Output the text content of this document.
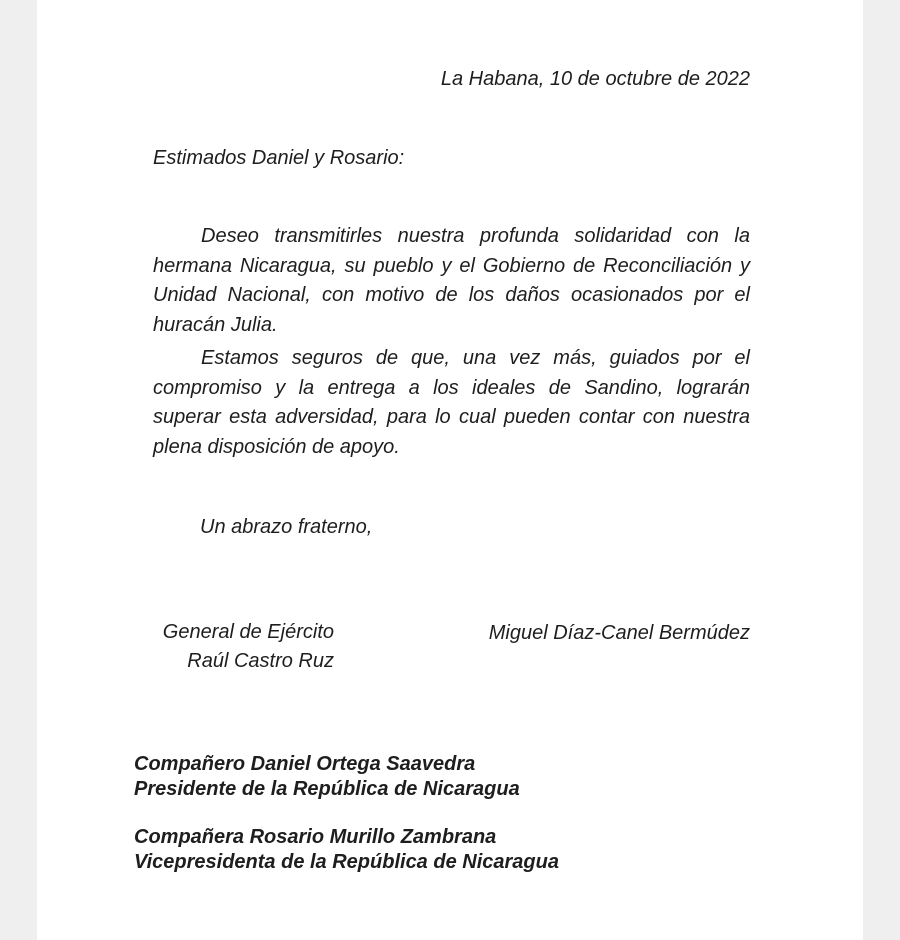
La Habana, 10 de octubre de 2022
Estimados Daniel y Rosario:

Deseo transmitirles nuestra profunda solidaridad con la hermana Nicaragua, su pueblo y el Gobierno de Reconciliación y Unidad Nacional, con motivo de los daños ocasionados por el huracán Julia.

Estamos seguros de que, una vez más, guiados por el compromiso y la entrega a los ideales de Sandino, lograrán superar esta adversidad, para lo cual pueden contar con nuestra plena disposición de apoyo.

Un abrazo fraterno,
General de Ejército
Raúl Castro Ruz
Miguel Díaz-Canel Bermúdez
Compañero Daniel Ortega Saavedra
Presidente de la República de Nicaragua
Compañera Rosario Murillo Zambrana
Vicepresidenta de la República de Nicaragua
